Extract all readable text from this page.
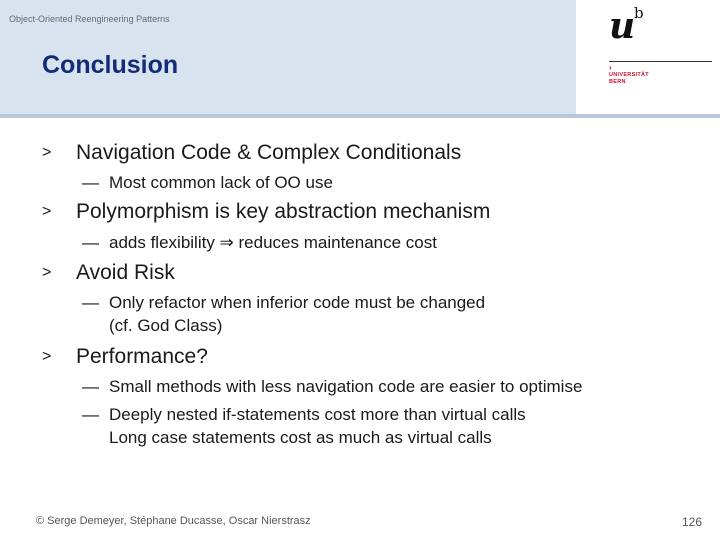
Object-Oriented Reengineering Patterns
Conclusion
u
b
›
UNIVERSITÄT
BERN
> Navigation Code & Complex Conditionals
— Most common lack of OO use
> Polymorphism is key abstraction mechanism
— adds flexibility ⇒ reduces maintenance cost
> Avoid Risk
— Only refactor when inferior code must be changed
(cf. God Class)
> Performance?
— Small methods with less navigation code are easier to optimise
— Deeply nested if-statements cost more than virtual calls
Long case statements cost as much as virtual calls
© Serge Demeyer, Stéphane Ducasse, Oscar Nierstrasz	126
